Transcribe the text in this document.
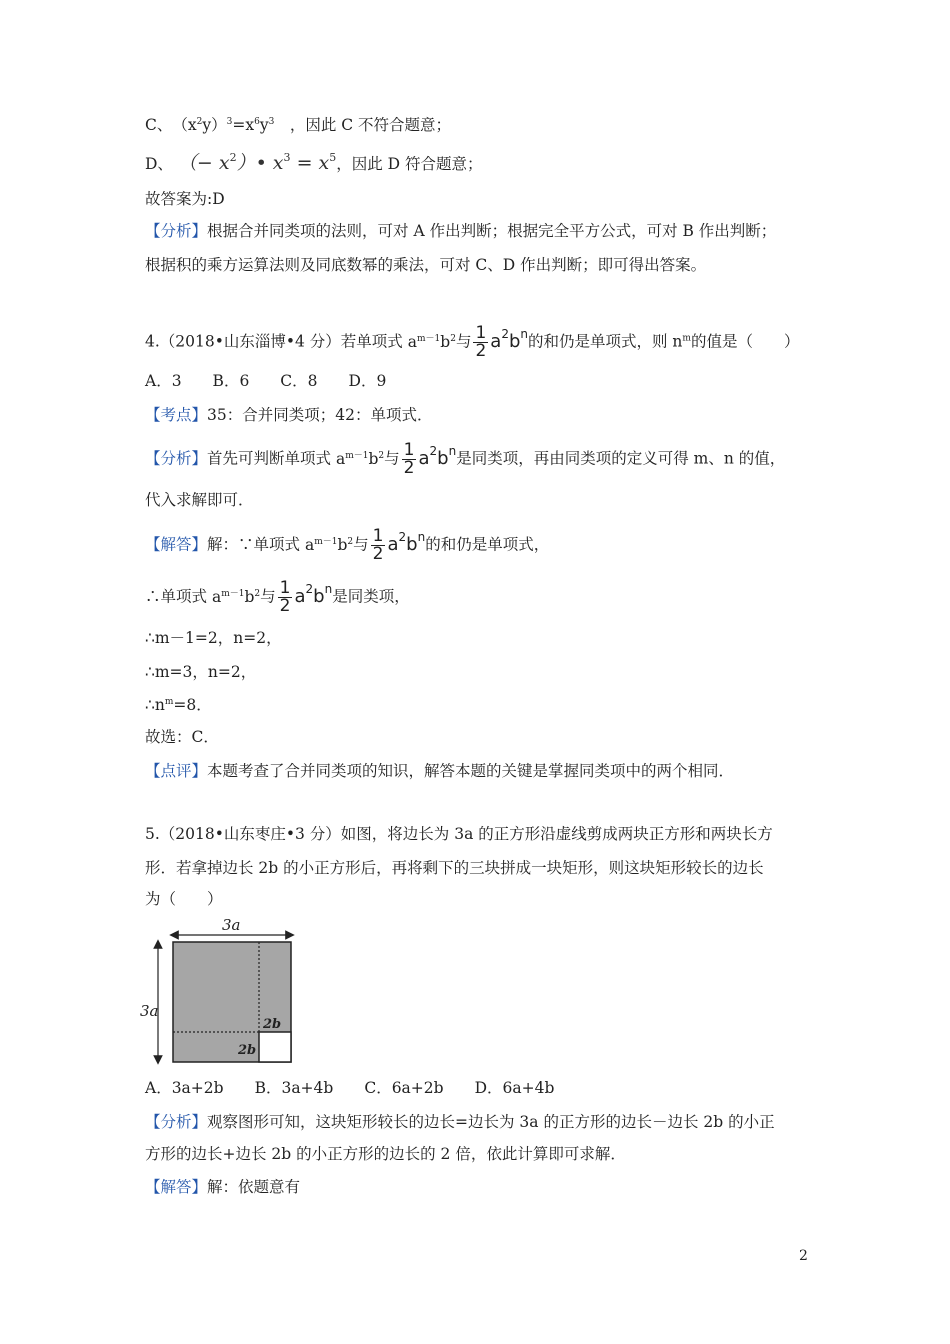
C、　$(x^2y)^3=x^6y^3$　，因此 C 不符合题意；
D、 （− $x^2)•$ $x^3 = x^5$，因此 D 符合题意；
故答案为:D
【分析】根据合并同类项的法则，可对 A 作出判断；根据完全平方公式，可对 B 作出判断；
根据积的乘方运算法则及同底数幂的乘法，可对 C、D 作出判断；即可得出答案。
4.（2018•山东淄博•4 分）若单项式 $a^{m-1}b^2$与 $\frac{1}{2} a^2b^n$的和仍是单项式，则 $n^m$的值是（　　）
A．3　　B．6　　C．8　　D．9
【考点】35：合并同类项；42：单项式．
【分析】首先可判断单项式 $a^{m-1}b^2$与 $\frac{1}{2} a^2b^n$是同类项，再由同类项的定义可得 m、n 的值，
代入求解即可．
【解答】解：∵单项式 $a^{m-1}b^2$与 $\frac{1}{2} a^2b^n$的和仍是单项式，
∴单项式 $a^{m-1}b^2$与 $\frac{1}{2} a^2b^n$是同类项，
∴m－1=2，n=2，
∴m=3，n=2，
$\therefore n^m=8$．
故选：C．
【点评】本题考查了合并同类项的知识，解答本题的关键是掌握同类项中的两个相同．
5.（2018•山东枣庄•3 分）如图，将边长为 3a 的正方形沿虚线剪成两块正方形和两块长方
形．若拿掉边长 2b 的小正方形后，再将剩下的三块拼成一块矩形，则这块矩形较长的边长
为（　　）
3a
3a
2b
2b
A．3a+2b　　B．3a+4b　　C．6a+2b　　D．6a+4b
【分析】观察图形可知，这块矩形较长的边长=边长为 3a 的正方形的边长－边长 2b 的小正
方形的边长+边长 2b 的小正方形的边长的 2 倍，依此计算即可求解．
【解答】解：依题意有
2
